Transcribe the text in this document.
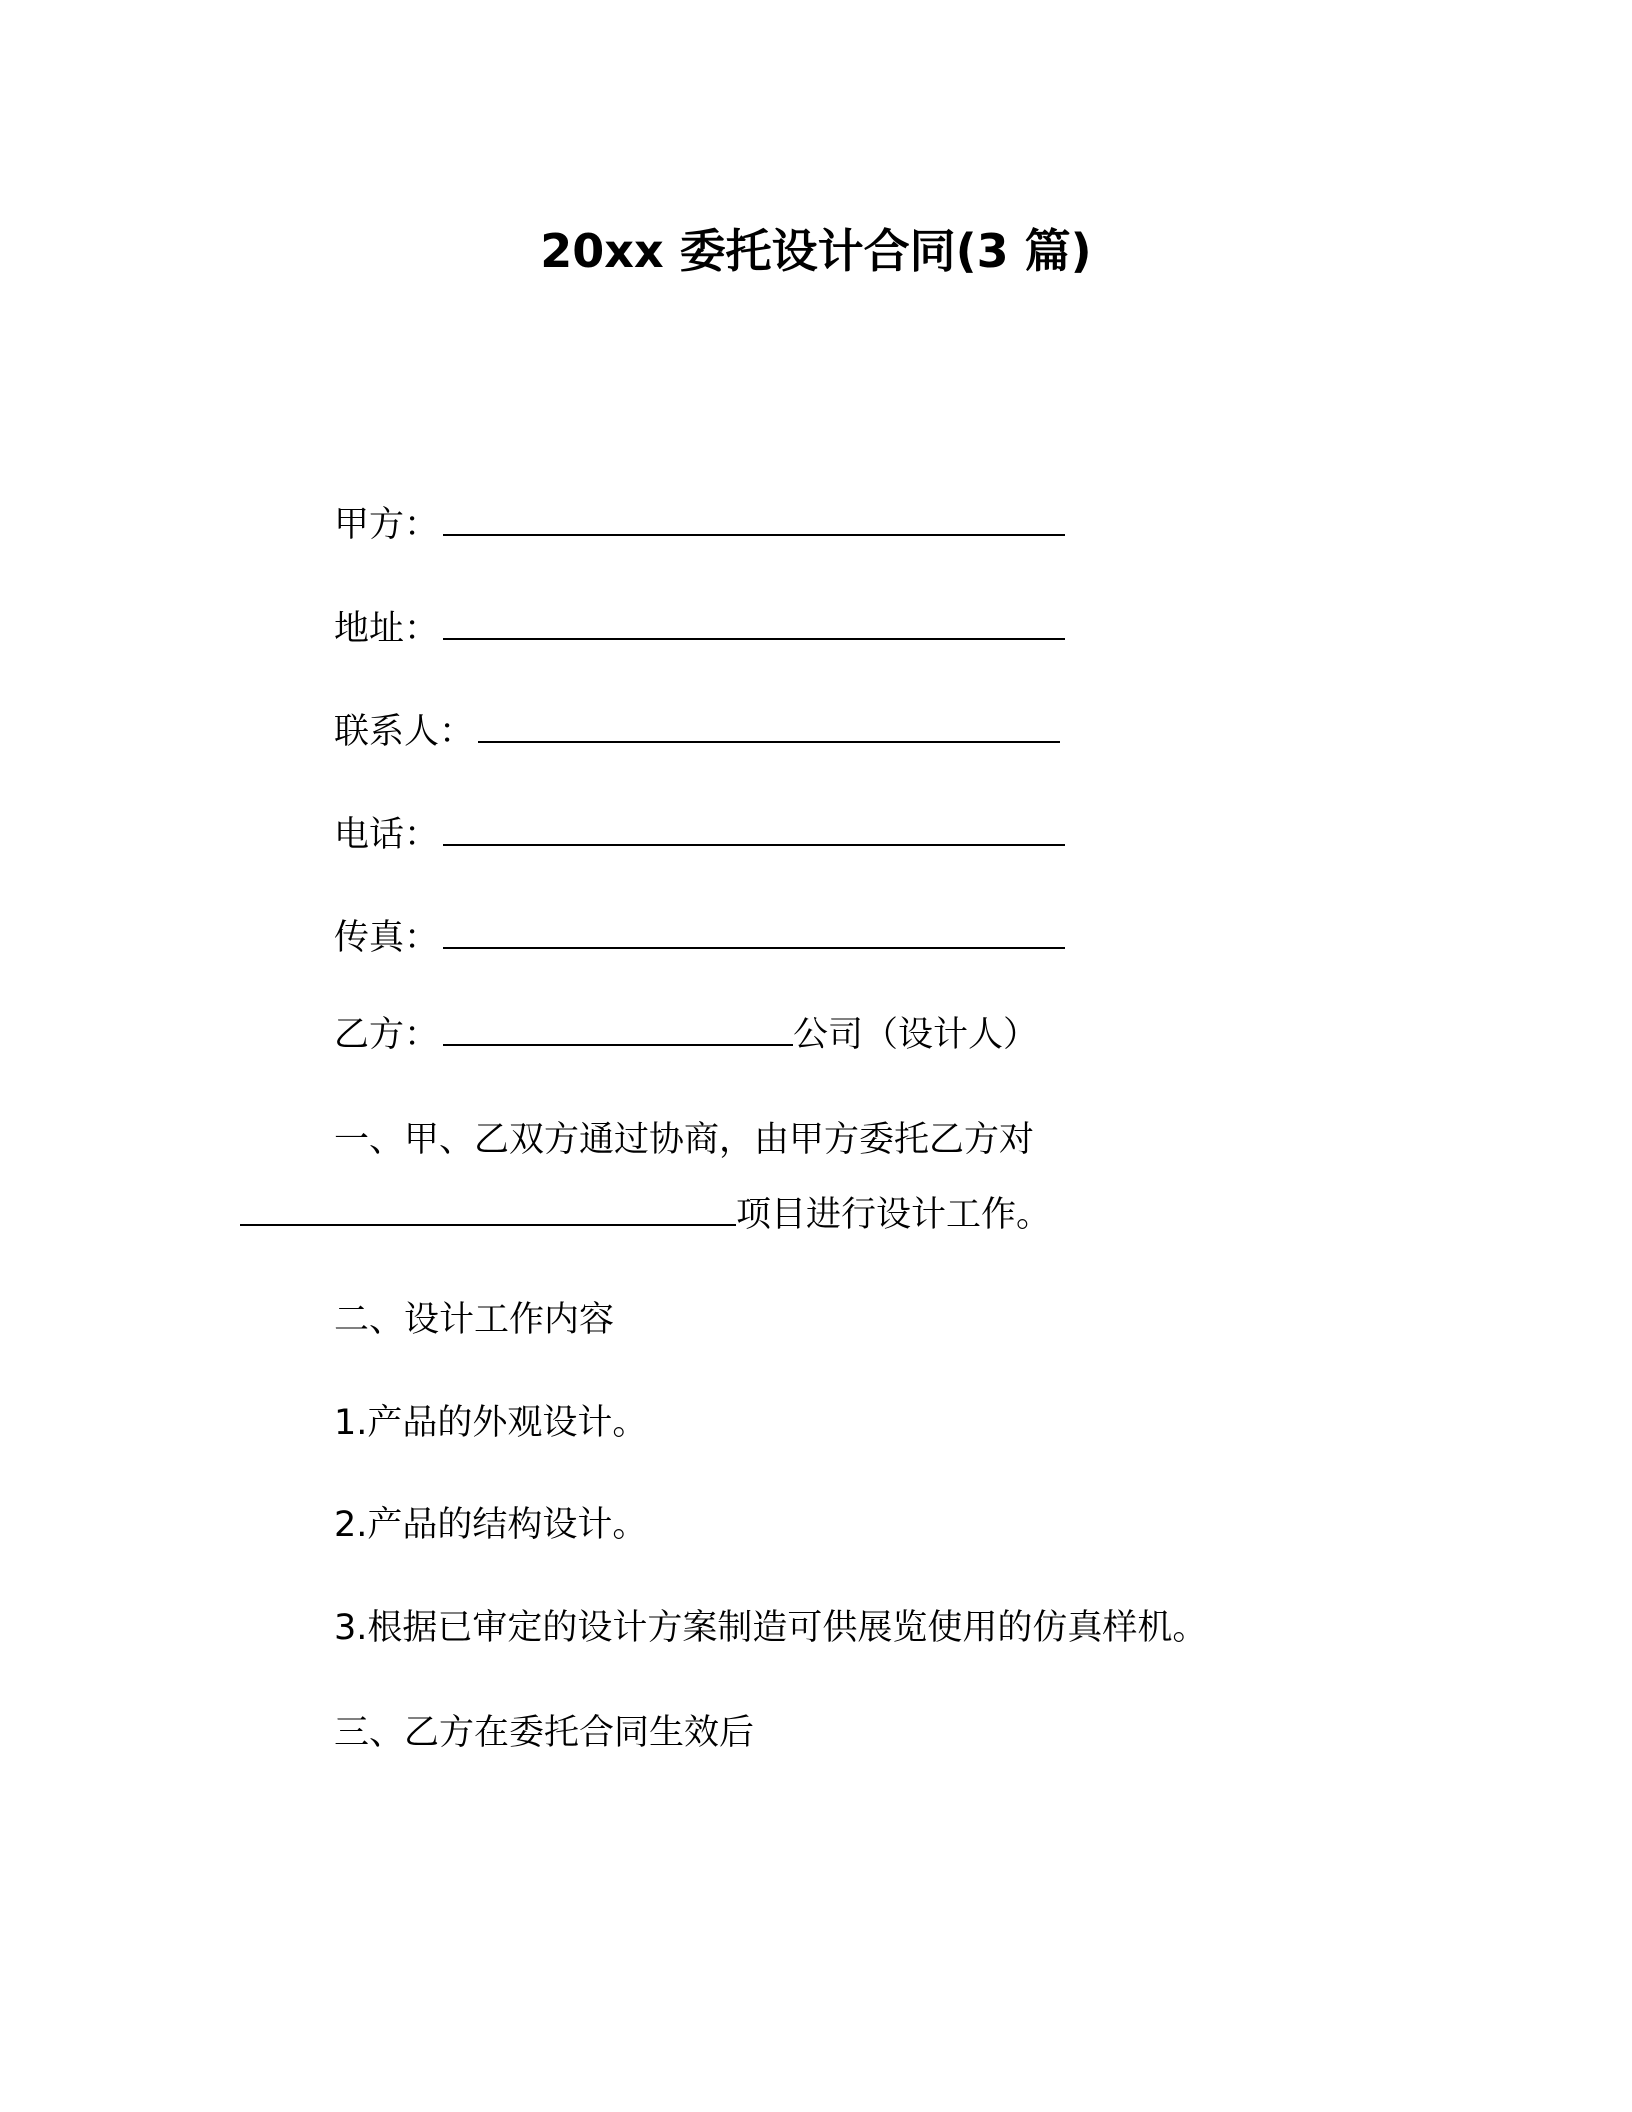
20xx 委托设计合同(3 篇)
甲方：
地址：
联系人：
电话：
传真：
乙方：	公司（设计人）
一、甲、乙双方通过协商，由甲方委托乙方对
项目进行设计工作。
二、设计工作内容
1.产品的外观设计。
2.产品的结构设计。
3.根据已审定的设计方案制造可供展览使用的仿真样机。
三、乙方在委托合同生效后
